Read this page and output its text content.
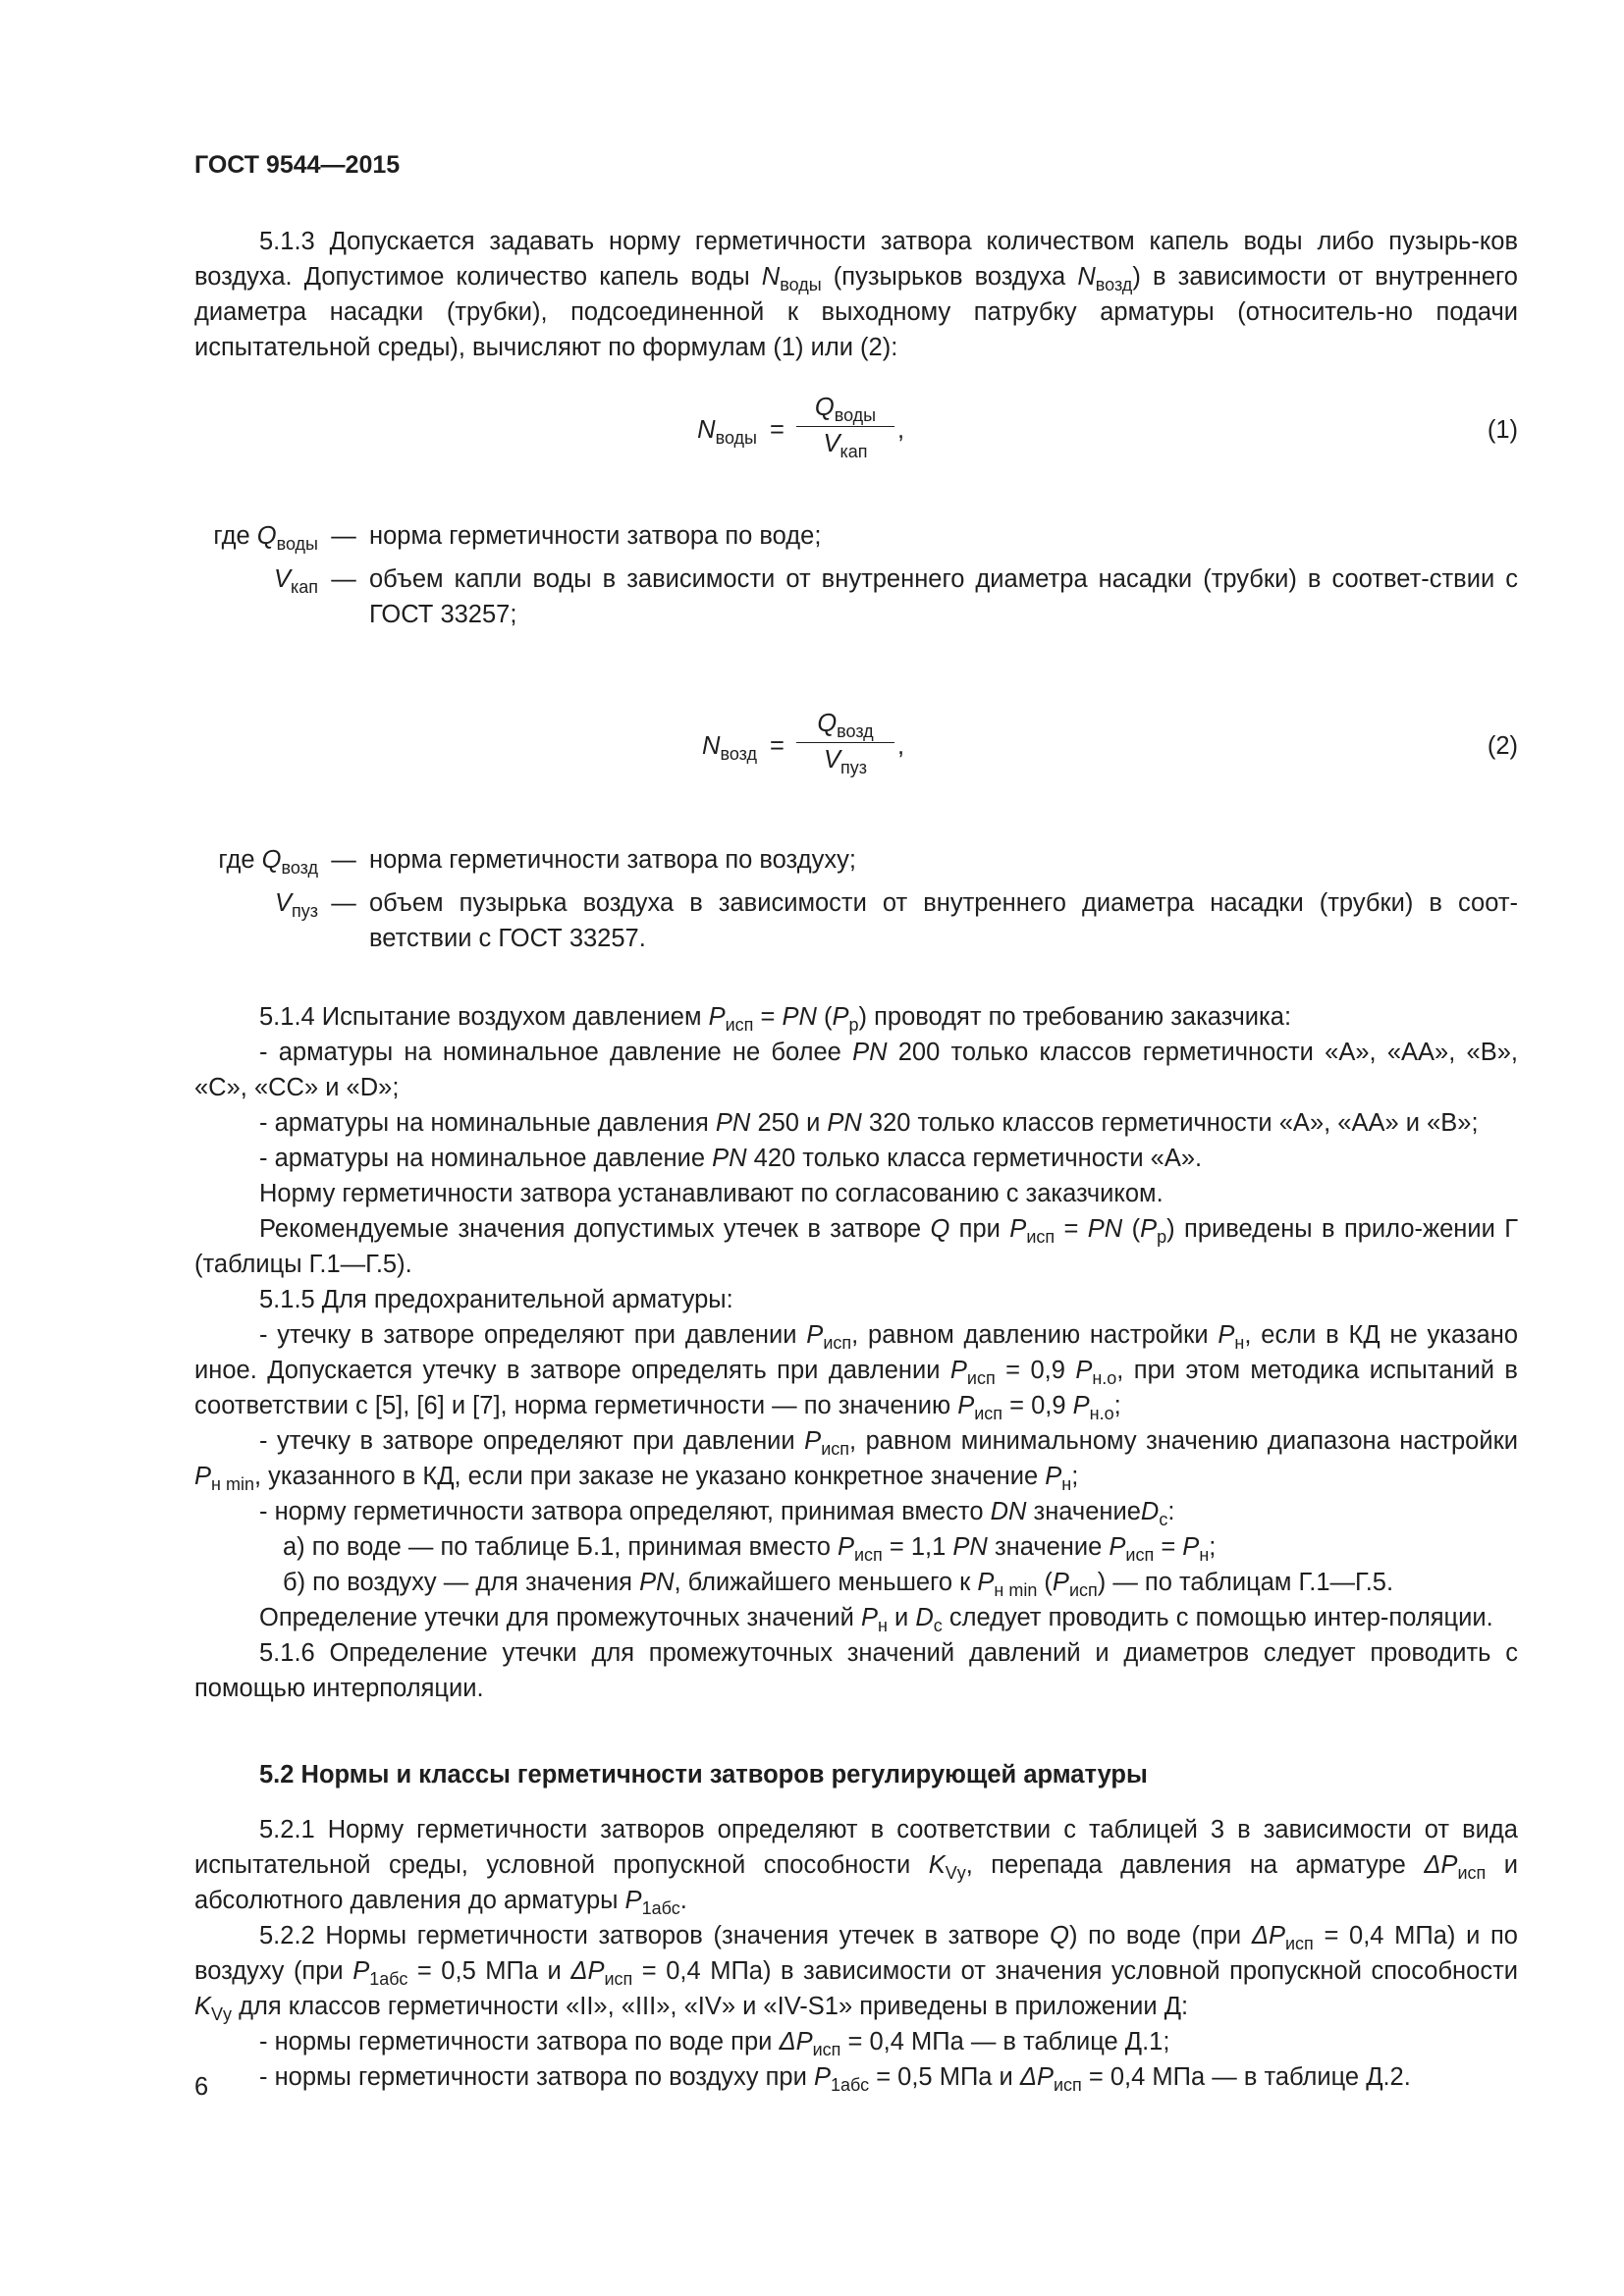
ГОСТ 9544—2015

5.1.3 Допускается задавать норму герметичности затвора количеством капель воды либо пузырь-ков воздуха. Допустимое количество капель воды $N_{воды}$ (пузырьков воздуха $N_{возд}$) в зависимости от внутреннего диаметра насадки (трубки), подсоединенной к выходному патрубку арматуры (относитель-но подачи испытательной среды), вычисляют по формулам (1) или (2):

$N_{воды}$ =
$Q_{воды}$
$V_{кап}$
,	(1)
где $Q_{воды}$ — норма герметичности затвора по воде;
$V_{кап}$ — объем капли воды в зависимости от внутреннего диаметра насадки (трубки) в соответ-ствии с ГОСТ 33257;
$N_{возд}$ =
$Q_{возд}$
$V_{пуз}$
,	(2)
где $Q_{возд}$ — норма герметичности затвора по воздуху;
$V_{пуз}$ — объем пузырька воздуха в зависимости от внутреннего диаметра насадки (трубки) в соот-ветствии с ГОСТ 33257.

5.1.4 Испытание воздухом давлением $P_{исп}$ = PN $(P_р)$ проводят по требованию заказчика:

- арматуры на номинальное давление не более PN 200 только классов герметичности «А», «АА», «В», «С», «СС» и «D»;

- арматуры на номинальные давления PN 250 и PN 320 только классов герметичности «А», «АА» и «В»;

- арматуры на номинальное давление PN 420 только класса герметичности «А».

Норму герметичности затвора устанавливают по согласованию с заказчиком.

Рекомендуемые значения допустимых утечек в затворе Q при $P_{исп}$ = PN $(P_р)$ приведены в прило-жении Г (таблицы Г.1—Г.5).

5.1.5 Для предохранительной арматуры:

- утечку в затворе определяют при давлении $P_{исп}$, равном давлению настройки $P_н$, если в КД не указано иное. Допускается утечку в затворе определять при давлении $P_{исп} = 0,9$ $P_{н.о}$, при этом методика испытаний в соответствии с [5], [6] и [7], норма герметичности — по значению $P_{исп} = 0,9$ $P_{н.о}$;

- утечку в затворе определяют при давлении $P_{исп}$, равном минимальному значению диапазона настройки $P_{н min}$, указанного в КД, если при заказе не указано конкретное значение $P_н$;

- норму герметичности затвора определяют, принимая вместо DN значениеD$_с$:

а) по воде — по таблице Б.1, принимая вместо $P_{исп} = 1,1$ PN значение $P_{исп} = P_н$;

б) по воздуху — для значения PN, ближайшего меньшего к $P_{н min}$ $(P_{исп})$ — по таблицам Г.1—Г.5.

Определение утечки для промежуточных значений $P_н$ и $D_с$ следует проводить с помощью интер-поляции.

5.1.6 Определение утечки для промежуточных значений давлений и диаметров следует проводить с помощью интерполяции.

5.2 Нормы и классы герметичности затворов регулирующей арматуры

5.2.1 Норму герметичности затворов определяют в соответствии с таблицей 3 в зависимости от вида испытательной среды, условной пропускной способности $K_{Vу}$, перепада давления на арматуре $\Delta P_{исп}$ и абсолютного давления до арматуры $P_{1абс}$.

5.2.2 Нормы герметичности затворов (значения утечек в затворе Q) по воде (при $\Delta P_{исп} = 0,4$ МПа) и по воздуху (при $P_{1абс} = 0,5$ МПа и $\Delta P_{исп} = 0,4$ МПа) в зависимости от значения условной пропускной способности $K_{Vу}$ для классов герметичности «II», «III», «IV» и «IV-S1» приведены в приложении Д:

- нормы герметичности затвора по воде при $\Delta P_{исп} = 0,4$ МПа — в таблице Д.1;

- нормы герметичности затвора по воздуху при $P_{1абс} = 0,5$ МПа и $\Delta P_{исп} = 0,4$ МПа — в таблице Д.2.

6
